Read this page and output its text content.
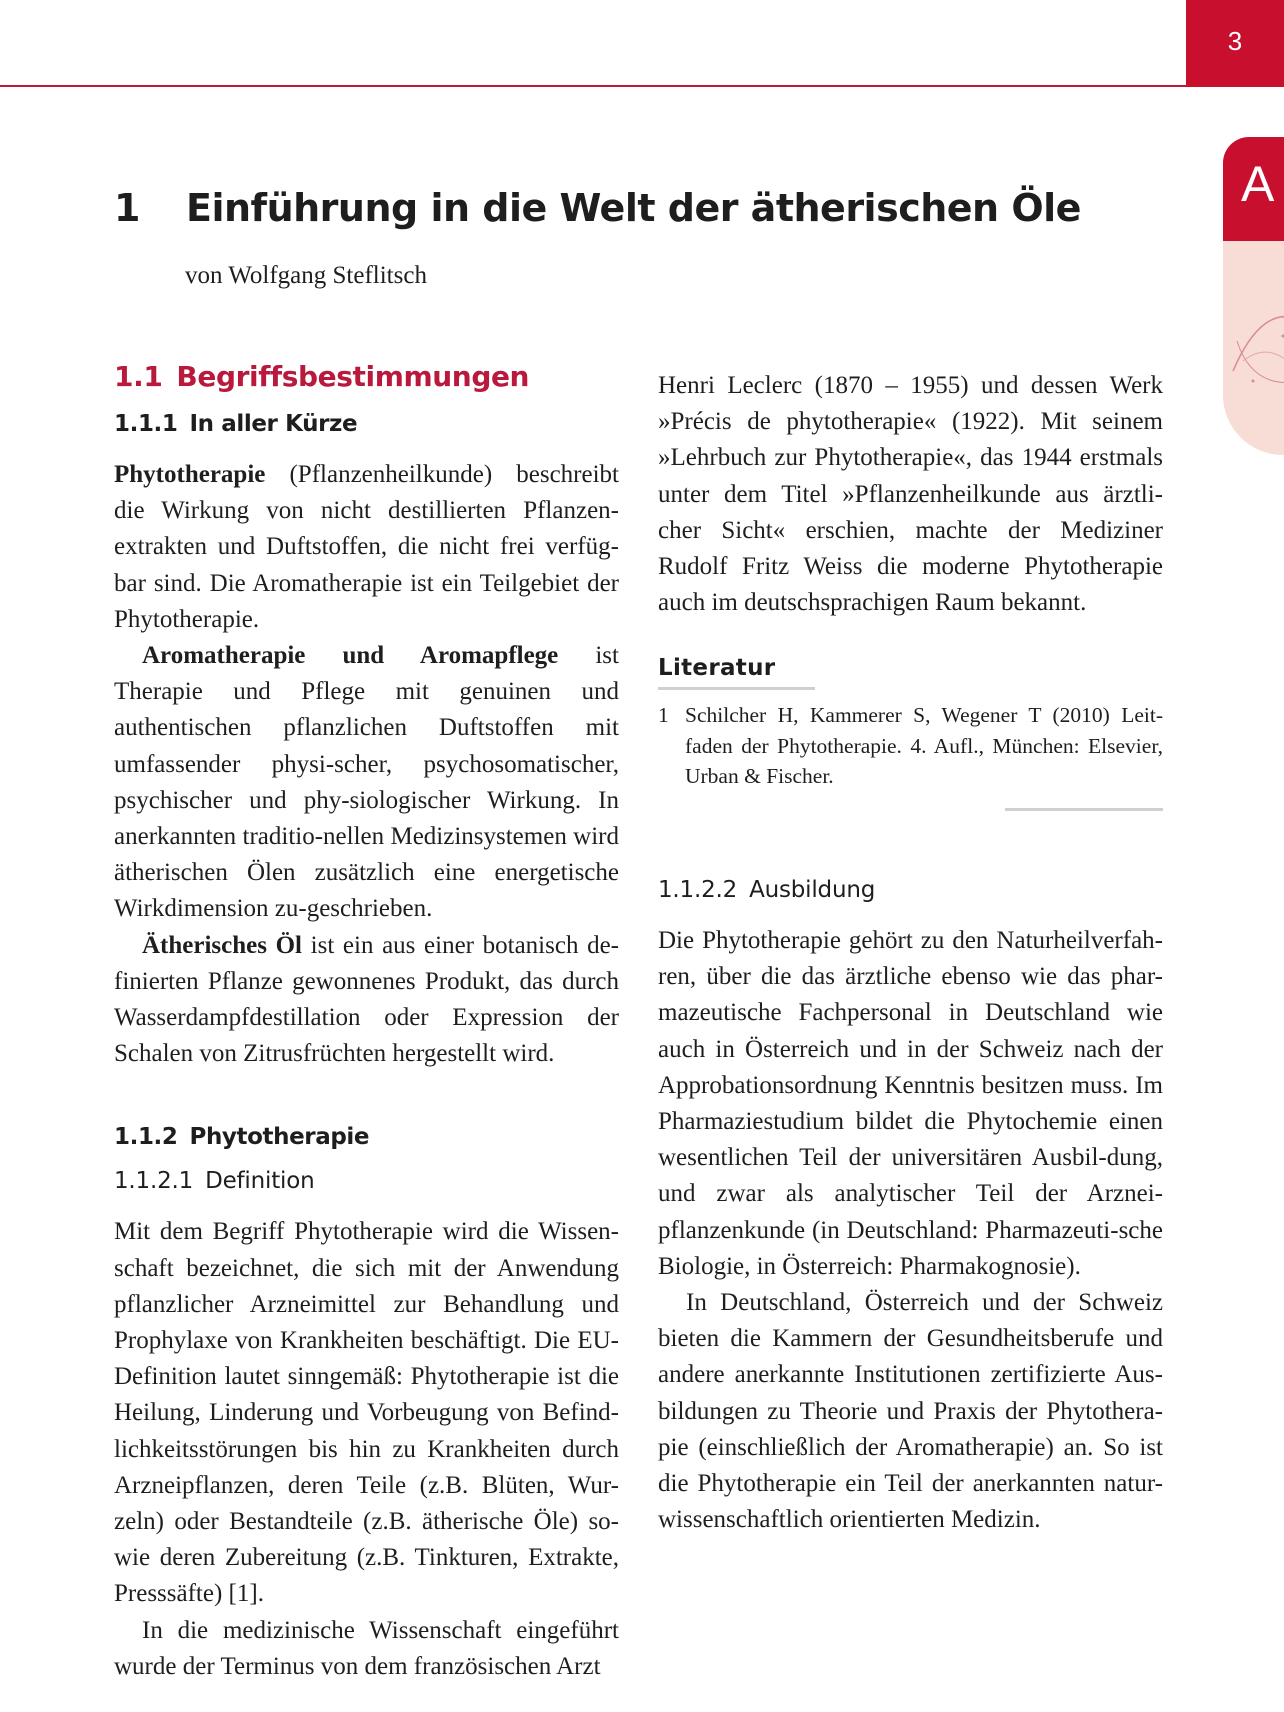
3
A
1 Einführung in die Welt der ätherischen Öle
von Wolfgang Steflitsch
1.1 Begriffsbestimmungen
1.1.1 In aller Kürze

Phytotherapie (Pflanzenheilkunde) beschreibt die Wirkung von nicht destillierten Pflanzen-extrakten und Duftstoffen, die nicht frei verfüg-bar sind. Die Aromatherapie ist ein Teilgebiet der Phytotherapie.

Aromatherapie und Aromapflege ist Therapie und Pflege mit genuinen und authentischen pflanzlichen Duftstoffen mit umfassender physi-scher, psychosomatischer, psychischer und phy-siologischer Wirkung. In anerkannten traditio-nellen Medizinsystemen wird ätherischen Ölen zusätzlich eine energetische Wirkdimension zu-geschrieben.

Ätherisches Öl ist ein aus einer botanisch de-finierten Pflanze gewonnenes Produkt, das durch Wasserdampfdestillation oder Expression der Schalen von Zitrusfrüchten hergestellt wird.

1.1.2 Phytotherapie
1.1.2.1 Definition

Mit dem Begriff Phytotherapie wird die Wissen-schaft bezeichnet, die sich mit der Anwendung pflanzlicher Arzneimittel zur Behandlung und Prophylaxe von Krankheiten beschäftigt. Die EU-Definition lautet sinngemäß: Phytotherapie ist die Heilung, Linderung und Vorbeugung von Befind-lichkeitsstörungen bis hin zu Krankheiten durch Arzneipflanzen, deren Teile (z.B. Blüten, Wur-zeln) oder Bestandteile (z.B. ätherische Öle) so-wie deren Zubereitung (z.B. Tinkturen, Extrakte, Presssäfte) [1].

In die medizinische Wissenschaft eingeführt wurde der Terminus von dem französischen Arzt

Henri Leclerc (1870 – 1955) und dessen Werk »Précis de phytotherapie« (1922). Mit seinem »Lehrbuch zur Phytotherapie«, das 1944 erstmals unter dem Titel »Pflanzenheilkunde aus ärztli-cher Sicht« erschien, machte der Mediziner Rudolf Fritz Weiss die moderne Phytotherapie auch im deutschsprachigen Raum bekannt.

Literatur
1 Schilcher H, Kammerer S, Wegener T (2010) Leit-faden der Phytotherapie. 4. Aufl., München: Elsevier, Urban & Fischer.
1.1.2.2 Ausbildung

Die Phytotherapie gehört zu den Naturheilverfah-ren, über die das ärztliche ebenso wie das phar-mazeutische Fachpersonal in Deutschland wie auch in Österreich und in der Schweiz nach der Approbationsordnung Kenntnis besitzen muss. Im Pharmaziestudium bildet die Phytochemie einen wesentlichen Teil der universitären Ausbil-dung, und zwar als analytischer Teil der Arznei-pflanzenkunde (in Deutschland: Pharmazeuti-sche Biologie, in Österreich: Pharmakognosie).

In Deutschland, Österreich und der Schweiz bieten die Kammern der Gesundheitsberufe und andere anerkannte Institutionen zertifizierte Aus-bildungen zu Theorie und Praxis der Phytothera-pie (einschließlich der Aromatherapie) an. So ist die Phytotherapie ein Teil der anerkannten natur-wissenschaftlich orientierten Medizin.
